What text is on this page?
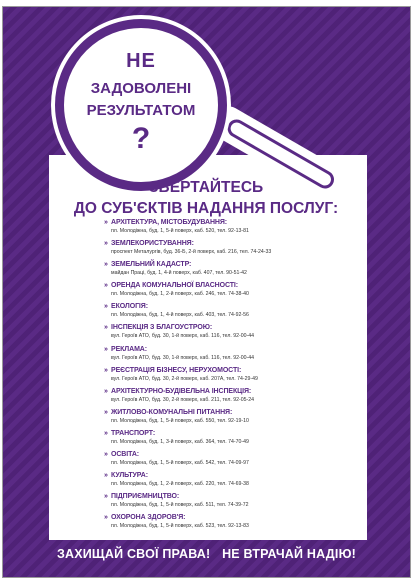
НЕ
ЗАДОВОЛЕНІ
РЕЗУЛЬТАТОМ
?
ЗВЕРТАЙТЕСЬ
ДО СУБ'ЄКТІВ НАДАННЯ ПОСЛУГ:
» АРХІТЕКТУРА, МІСТОБУДУВАННЯ:
пл. Молодіжна, буд. 1, 5-й поверх, каб. 520, тел. 92-13-81
» ЗЕМЛЕКОРИСТУВАННЯ:
проспект Металургів, буд. 36-Б, 2-й поверх, каб. 216, тел. 74-24-33
» ЗЕМЕЛЬНИЙ КАДАСТР:
майдан Праці, буд. 1, 4-й поверх, каб. 407, тел. 90-51-42
» ОРЕНДА КОМУНАЛЬНОЇ ВЛАСНОСТІ:
пл. Молодіжна, буд. 1, 2-й поверх, каб. 246, тел. 74-38-40
» ЕКОЛОГІЯ:
пл. Молодіжна, буд. 1, 4-й поверх, каб. 403, тел. 74-92-56
» ІНСПЕКЦІЯ З БЛАГОУСТРОЮ:
вул. Героїв АТО, буд. 30, 1-й поверх, каб. 116, тел. 92-00-44
» РЕКЛАМА:
вул. Героїв АТО, буд. 30, 1-й поверх, каб. 116, тел. 92-00-44
» РЕЄСТРАЦІЯ БІЗНЕСУ, НЕРУХОМОСТІ:
вул. Героїв АТО, буд. 30, 2-й поверх, каб. 207А, тел. 74-29-49
» АРХІТЕКТУРНО-БУДІВЕЛЬНА ІНСПЕКЦІЯ:
вул. Героїв АТО, буд. 30, 2-й поверх, каб. 211, тел. 92-05-24
» ЖИТЛОВО-КОМУНАЛЬНІ ПИТАННЯ:
пл. Молодіжна, буд. 1, 5-й поверх, каб. 550, тел. 92-19-10
» ТРАНСПОРТ:
пл. Молодіжна, буд. 1, 3-й поверх, каб. 364, тел. 74-70-49
» ОСВІТА:
пл. Молодіжна, буд. 1, 5-й поверх, каб. 542, тел. 74-09-97
» КУЛЬТУРА:
пл. Молодіжна, буд. 1, 2-й поверх, каб. 220, тел. 74-69-38
» ПІДПРИЄМНИЦТВО:
пл. Молодіжна, буд. 1, 5-й поверх, каб. 511, тел. 74-39-72
» ОХОРОНА ЗДОРОВ'Я:
пл. Молодіжна, буд. 1, 5-й поверх, каб. 523, тел. 92-13-83
ЗАХИЩАЙ СВОЇ ПРАВА! НЕ ВТРАЧАЙ НАДІЮ!
